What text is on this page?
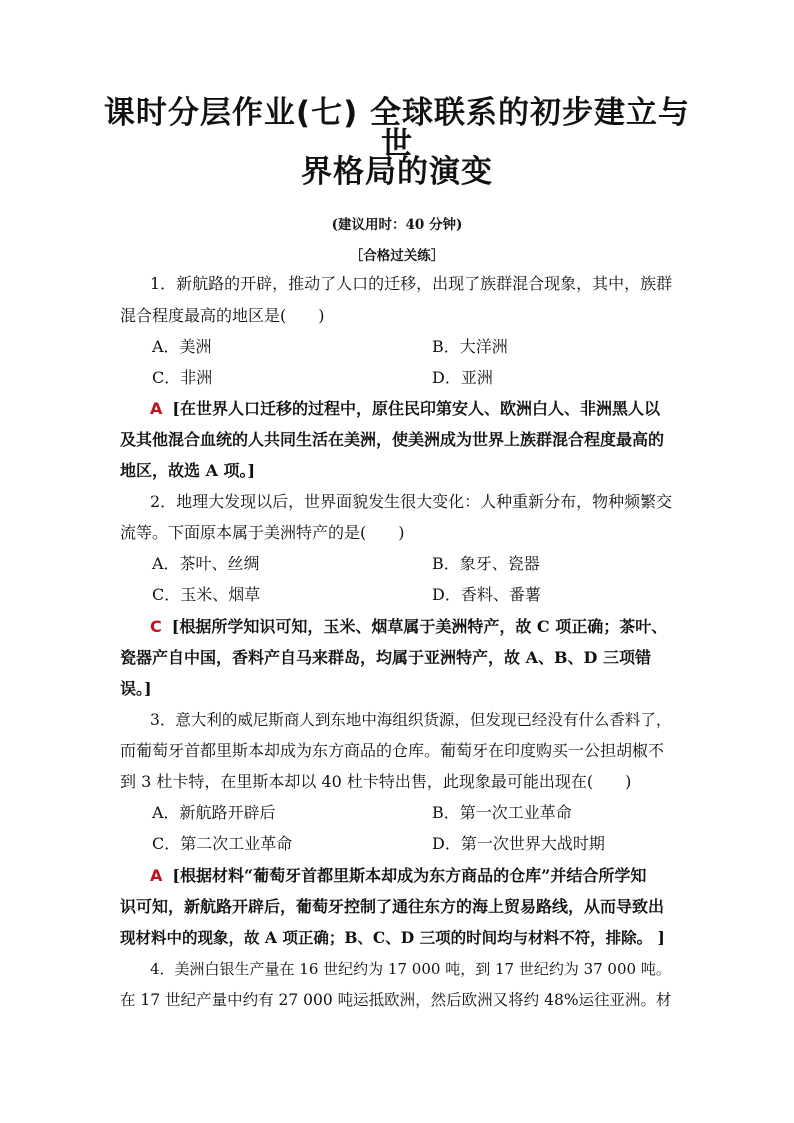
课时分层作业(七) 全球联系的初步建立与世
界格局的演变
(建议用时：40 分钟)
［合格过关练］
1．新航路的开辟，推动了人口的迁移，出现了族群混合现象，其中，族群
混合程度最高的地区是(　　)
A．美洲	B．大洋洲
C．非洲	D．亚洲
A [在世界人口迁移的过程中，原住民印第安人、欧洲白人、非洲黑人以
及其他混合血统的人共同生活在美洲，使美洲成为世界上族群混合程度最高的
地区，故选 A 项。]
2．地理大发现以后，世界面貌发生很大变化：人种重新分布，物种频繁交
流等。下面原本属于美洲特产的是(　　)
A．茶叶、丝绸	B．象牙、瓷器
C．玉米、烟草	D．香料、番薯
C [根据所学知识可知，玉米、烟草属于美洲特产，故 C 项正确；茶叶、
瓷器产自中国，香料产自马来群岛，均属于亚洲特产，故 A、B、D 三项错
误。]
3．意大利的威尼斯商人到东地中海组织货源，但发现已经没有什么香料了，
而葡萄牙首都里斯本却成为东方商品的仓库。葡萄牙在印度购买一公担胡椒不
到 3 杜卡特，在里斯本却以 40 杜卡特出售，此现象最可能出现在(　　)
A．新航路开辟后	B．第一次工业革命
C．第二次工业革命	D．第一次世界大战时期
A [根据材料“葡萄牙首都里斯本却成为东方商品的仓库”并结合所学知
识可知，新航路开辟后，葡萄牙控制了通往东方的海上贸易路线，从而导致出
现材料中的现象，故 A 项正确；B、C、D 三项的时间均与材料不符，排除。 ]
4．美洲白银生产量在 16 世纪约为 17 000 吨，到 17 世纪约为 37 000 吨。
在 17 世纪产量中约有 27 000 吨运抵欧洲，然后欧洲又将约 48%运往亚洲。材
